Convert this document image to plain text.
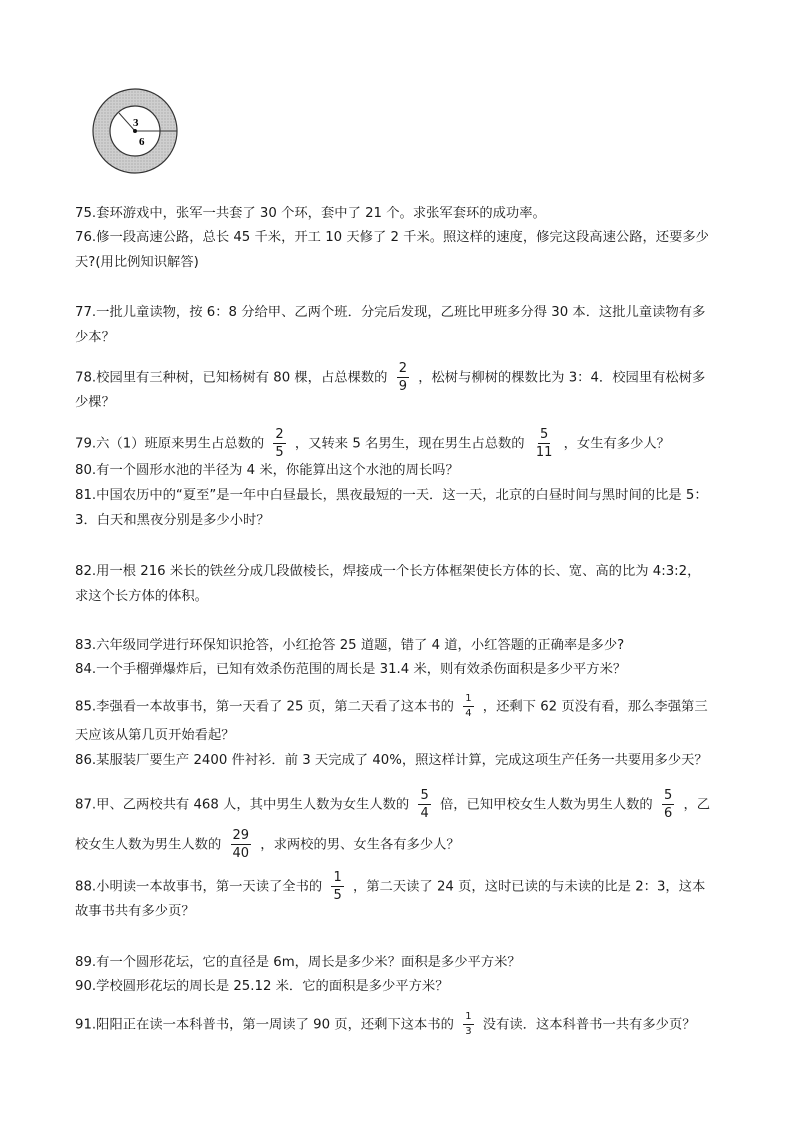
3
6
75.套环游戏中，张军一共套了 30 个环，套中了 21 个。求张军套环的成功率。
76.修一段高速公路，总长 45 千米，开工 10 天修了 2 千米。照这样的速度，修完这段高速公路，还要多少
天?(用比例知识解答)
77.一批儿童读物，按 6：8 分给甲、乙两个班．分完后发现，乙班比甲班多分得 30 本．这批儿童读物有多
少本？
78.校园里有三种树，已知杨树有 80 棵，占总棵数的 $\frac{2}{9}$ ，松树与柳树的棵数比为 3：4．校园里有松树多
少棵？
79.六（1）班原来男生占总数的 $\frac{2}{5}$ ，又转来 5 名男生，现在男生占总数的 $\frac{5}{11}$ ，女生有多少人？
80.有一个圆形水池的半径为 4 米，你能算出这个水池的周长吗？
81.中国农历中的“夏至”是一年中白昼最长，黑夜最短的一天．这一天，北京的白昼时间与黑时间的比是 5：
3．白天和黑夜分别是多少小时？
82.用一根 216 米长的铁丝分成几段做棱长，焊接成一个长方体框架使长方体的长、宽、高的比为 4:3:2，
求这个长方体的体积。
83.六年级同学进行环保知识抢答，小红抢答 25 道题，错了 4 道，小红答题的正确率是多少?
84.一个手榴弹爆炸后，已知有效杀伤范围的周长是 31.4 米，则有效杀伤面积是多少平方米？
85.李强看一本故事书，第一天看了 25 页，第二天看了这本书的 $\frac{1}{4}$ ，还剩下 62 页没有看，那么李强第三
天应该从第几页开始看起？
86.某服装厂要生产 2400 件衬衫．前 3 天完成了 40%，照这样计算，完成这项生产任务一共要用多少天？
87.甲、乙两校共有 468 人，其中男生人数为女生人数的 $\frac{5}{4}$ 倍，已知甲校女生人数为男生人数的 $\frac{5}{6}$ ，乙
校女生人数为男生人数的 $\frac{29}{40}$ ，求两校的男、女生各有多少人？
88.小明读一本故事书，第一天读了全书的 $\frac{1}{5}$ ，第二天读了 24 页，这时已读的与未读的比是 2：3，这本
故事书共有多少页？
89.有一个圆形花坛，它的直径是 6m，周长是多少米？面积是多少平方米？
90.学校圆形花坛的周长是 25.12 米．它的面积是多少平方米？
91.阳阳正在读一本科普书，第一周读了 90 页，还剩下这本书的 $\frac{1}{3}$ 没有读．这本科普书一共有多少页？
